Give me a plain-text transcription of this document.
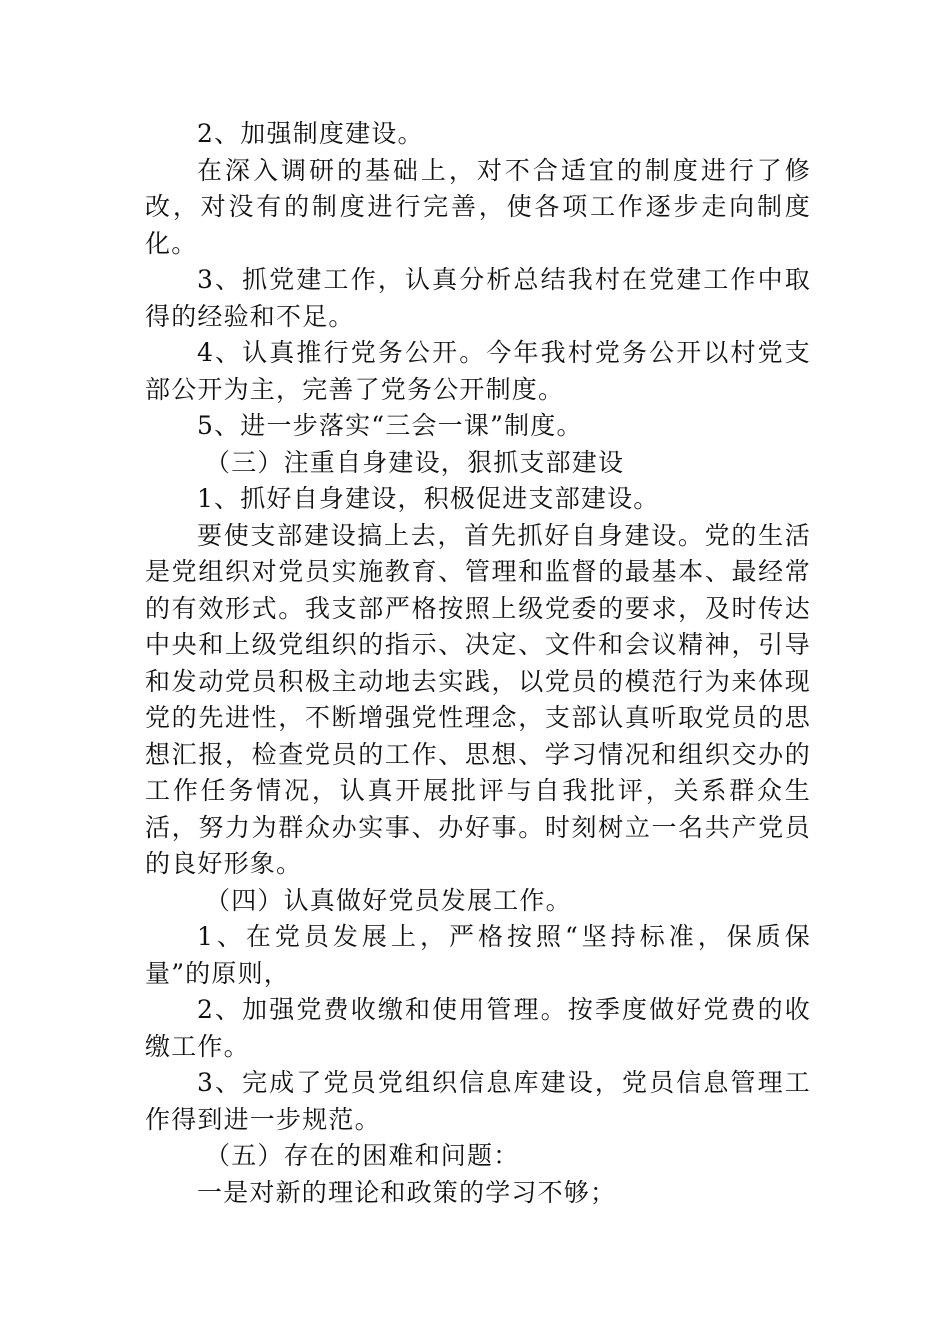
2、加强制度建设。

在深入调研的基础上，对不合适宜的制度进行了修改，对没有的制度进行完善，使各项工作逐步走向制度化。

3、抓党建工作，认真分析总结我村在党建工作中取得的经验和不足。

4、认真推行党务公开。今年我村党务公开以村党支部公开为主，完善了党务公开制度。

5、进一步落实“三会一课”制度。

（三）注重自身建设，狠抓支部建设

1、抓好自身建设，积极促进支部建设。

要使支部建设搞上去，首先抓好自身建设。党的生活是党组织对党员实施教育、管理和监督的最基本、最经常的有效形式。我支部严格按照上级党委的要求，及时传达中央和上级党组织的指示、决定、文件和会议精神，引导和发动党员积极主动地去实践，以党员的模范行为来体现党的先进性，不断增强党性理念，支部认真听取党员的思想汇报，检查党员的工作、思想、学习情况和组织交办的工作任务情况，认真开展批评与自我批评，关系群众生活，努力为群众办实事、办好事。时刻树立一名共产党员的良好形象。

（四）认真做好党员发展工作。

1、在党员发展上，严格按照“坚持标准，保质保量”的原则，

2、加强党费收缴和使用管理。按季度做好党费的收缴工作。

3、完成了党员党组织信息库建设，党员信息管理工作得到进一步规范。

（五）存在的困难和问题：

一是对新的理论和政策的学习不够；
